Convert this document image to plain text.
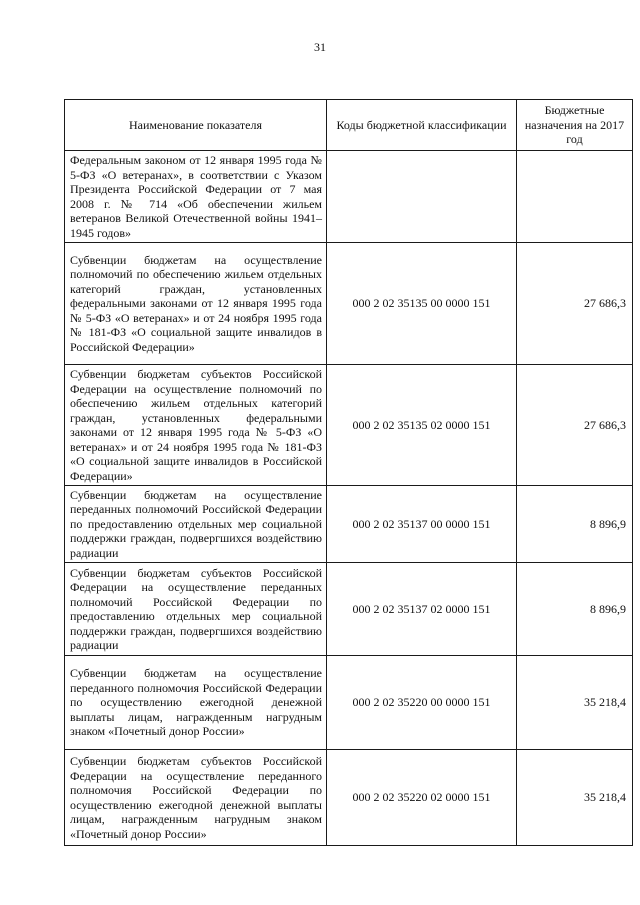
31
Наименование показателя	Коды бюджетной классификации	Бюджетные назначения на 2017 год
Федеральным законом от 12 января 1995 года № 5-ФЗ «О ветеранах», в соответствии с Указом Президента Российской Федерации от 7 мая 2008 г. № 714 «Об обеспечении жильем ветеранов Великой Отечественной войны 1941–1945 годов»		
Субвенции бюджетам на осуществление полномочий по обеспечению жильем отдельных категорий граждан, установленных федеральными законами от 12 января 1995 года № 5-ФЗ «О ветеранах» и от 24 ноября 1995 года № 181-ФЗ «О социальной защите инвалидов в Российской Федерации»	000 2 02 35135 00 0000 151	27 686,3
Субвенции бюджетам субъектов Российской Федерации на осуществление полномочий по обеспечению жильем отдельных категорий граждан, установленных федеральными законами от 12 января 1995 года № 5-ФЗ «О ветеранах» и от 24 ноября 1995 года № 181-ФЗ «О социальной защите инвалидов в Российской Федерации»	000 2 02 35135 02 0000 151	27 686,3
Субвенции бюджетам на осуществление переданных полномочий Российской Федерации по предоставлению отдельных мер социальной поддержки граждан, подвергшихся воздействию радиации	000 2 02 35137 00 0000 151	8 896,9
Субвенции бюджетам субъектов Российской Федерации на осуществление переданных полномочий Российской Федерации по предоставлению отдельных мер социальной поддержки граждан, подвергшихся воздействию радиации	000 2 02 35137 02 0000 151	8 896,9
Субвенции бюджетам на осуществление переданного полномочия Российской Федерации по осуществлению ежегодной денежной выплаты лицам, награжденным нагрудным знаком «Почетный донор России»	000 2 02 35220 00 0000 151	35 218,4
Субвенции бюджетам субъектов Российской Федерации на осуществление переданного полномочия Российской Федерации по осуществлению ежегодной денежной выплаты лицам, награжденным нагрудным знаком «Почетный донор России»	000 2 02 35220 02 0000 151	35 218,4
